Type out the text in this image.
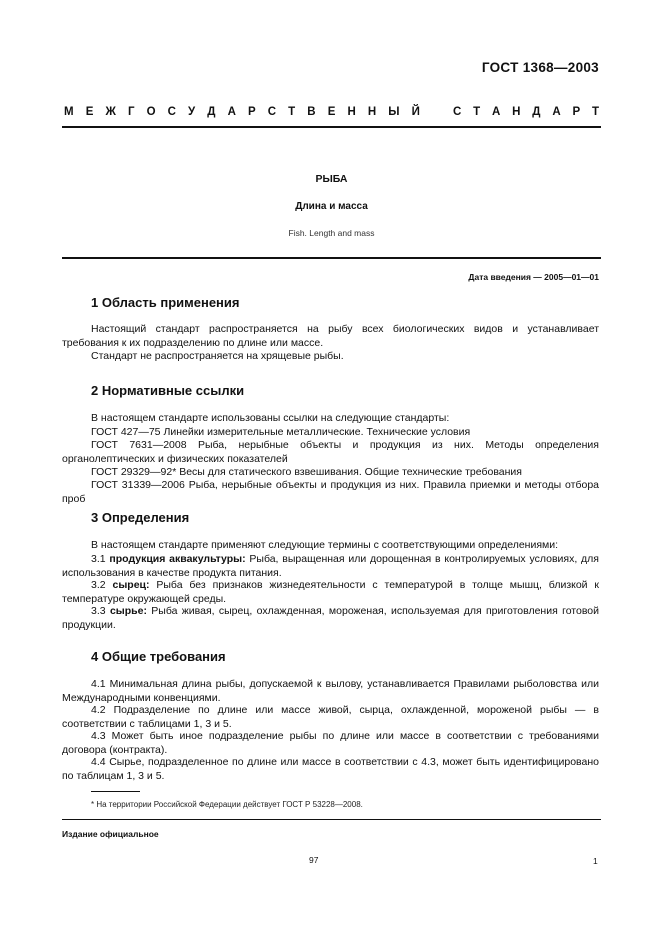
ГОСТ 1368—2003
М Е Ж Г О С У Д А Р С Т В Е Н Н Ы Й	С Т А Н Д А Р Т
РЫБА
Длина и масса
Fish. Length and mass
Дата введения — 2005—01—01
1 Область применения
Настоящий стандарт распространяется на рыбу всех биологических видов и устанавливает требования к их подразделению по длине или массе.
Стандарт не распространяется на хрящевые рыбы.
2 Нормативные ссылки
В настоящем стандарте использованы ссылки на следующие стандарты:
ГОСТ 427—75 Линейки измерительные металлические. Технические условия
ГОСТ 7631—2008 Рыба, нерыбные объекты и продукция из них. Методы определения органолептических и физических показателей
ГОСТ 29329—92* Весы для статического взвешивания. Общие технические требования
ГОСТ 31339—2006 Рыба, нерыбные объекты и продукция из них. Правила приемки и методы отбора проб
3 Определения
В настоящем стандарте применяют следующие термины с соответствующими определениями:
3.1 продукция аквакультуры: Рыба, выращенная или дорощенная в контролируемых условиях, для использования в качестве продукта питания.
3.2 сырец: Рыба без признаков жизнедеятельности с температурой в толще мышц, близкой к температуре окружающей среды.
3.3 сырье: Рыба живая, сырец, охлажденная, мороженая, используемая для приготовления готовой продукции.
4 Общие требования
4.1 Минимальная длина рыбы, допускаемой к вылову, устанавливается Правилами рыболовства или Международными конвенциями.
4.2 Подразделение по длине или массе живой, сырца, охлажденной, мороженой рыбы — в соответствии с таблицами 1, 3 и 5.
4.3 Может быть иное подразделение рыбы по длине или массе в соответствии с требованиями договора (контракта).
4.4 Сырье, подразделенное по длине или массе в соответствии с 4.3, может быть идентифицировано по таблицам 1, 3 и 5.
* На территории Российской Федерации действует ГОСТ Р 53228—2008.
Издание официальное
97	1
